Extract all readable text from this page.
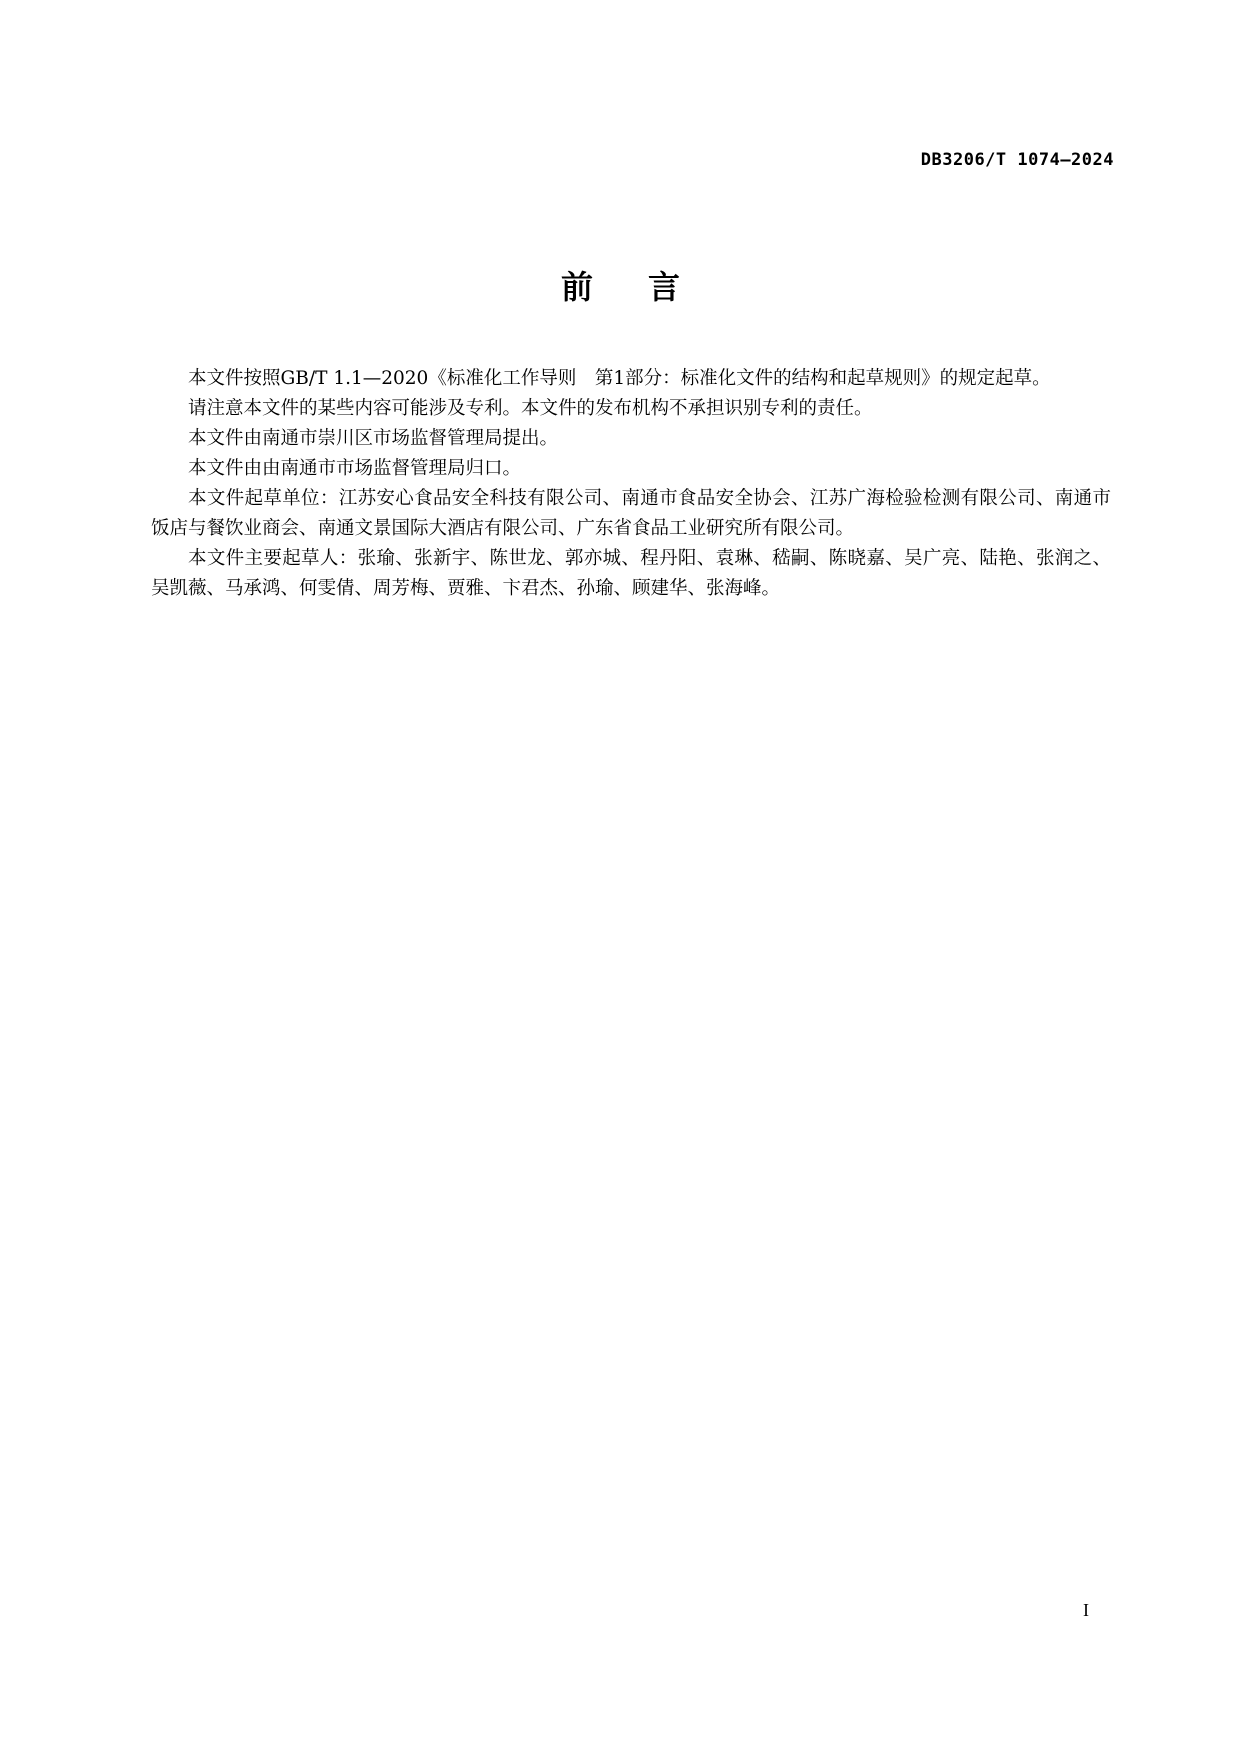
DB3206/T 1074—2024
前言

本文件按照GB/T 1.1—2020《标准化工作导则　第1部分：标准化文件的结构和起草规则》的规定起草。

请注意本文件的某些内容可能涉及专利。本文件的发布机构不承担识别专利的责任。

本文件由南通市崇川区市场监督管理局提出。

本文件由由南通市市场监督管理局归口。

本文件起草单位：江苏安心食品安全科技有限公司、南通市食品安全协会、江苏广海检验检测有限公司、南通市饭店与餐饮业商会、南通文景国际大酒店有限公司、广东省食品工业研究所有限公司。

本文件主要起草人：张瑜、张新宇、陈世龙、郭亦城、程丹阳、袁琳、嵇嗣、陈晓嘉、吴广亮、陆艳、张润之、吴凯薇、马承鸿、何雯倩、周芳梅、贾雅、卞君杰、孙瑜、顾建华、张海峰。

I
